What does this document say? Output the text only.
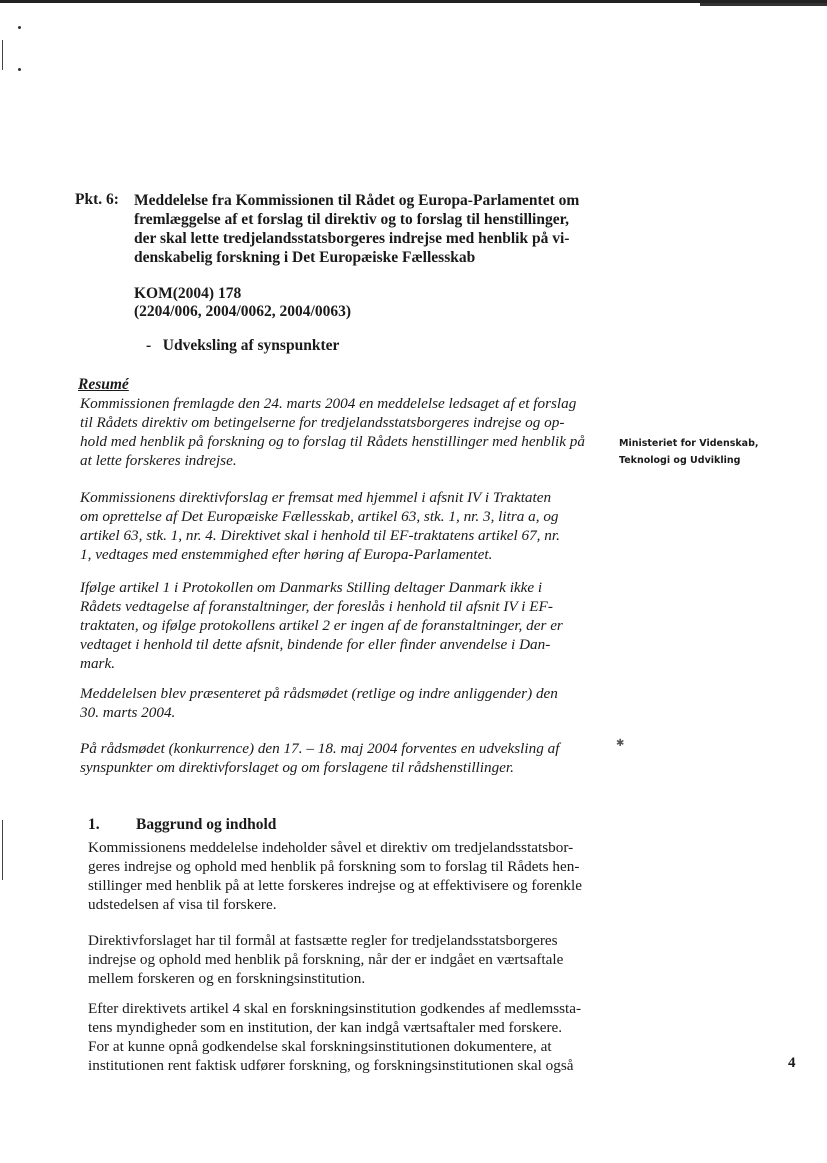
Pkt. 6: Meddelelse fra Kommissionen til Rådet og Europa-Parlamentet om
fremlæggelse af et forslag til direktiv og to forslag til henstillinger,
der skal lette tredjelandsstatsborgeres indrejse med henblik på vi-
denskabelig forskning i Det Europæiske Fællesskab
KOM(2004) 178
(2204/006, 2004/0062, 2004/0063)
-   Udveksling af synspunkter
Resumé
Kommissionen fremlagde den 24. marts 2004 en meddelelse ledsaget af et forslag
til Rådets direktiv om betingelserne for tredjelandsstatsborgeres indrejse og op-
hold med henblik på forskning og to forslag til Rådets henstillinger med henblik på
at lette forskeres indrejse.
Kommissionens direktivforslag er fremsat med hjemmel i afsnit IV i Traktaten
om oprettelse af Det Europæiske Fællesskab, artikel 63, stk. 1, nr. 3, litra a, og
artikel 63, stk. 1, nr. 4. Direktivet skal i henhold til EF-traktatens artikel 67, nr.
1, vedtages med enstemmighed efter høring af Europa-Parlamentet.
Ifølge artikel 1 i Protokollen om Danmarks Stilling deltager Danmark ikke i
Rådets vedtagelse af foranstaltninger, der foreslås i henhold til afsnit IV i EF-
traktaten, og ifølge protokollens artikel 2 er ingen af de foranstaltninger, der er
vedtaget i henhold til dette afsnit, bindende for eller finder anvendelse i Dan-
mark.
Meddelelsen blev præsenteret på rådsmødet (retlige og indre anliggender) den
30. marts 2004.
På rådsmødet (konkurrence) den 17. – 18. maj 2004 forventes en udveksling af
synspunkter om direktivforslaget og om forslagene til rådshenstillinger.
Ministeriet for Videnskab,
Teknologi og Udvikling
✱
1. Baggrund og indhold
Kommissionens meddelelse indeholder såvel et direktiv om tredjelandsstatsbor-
geres indrejse og ophold med henblik på forskning som to forslag til Rådets hen-
stillinger med henblik på at lette forskeres indrejse og at effektivisere og forenkle
udstedelsen af visa til forskere.
Direktivforslaget har til formål at fastsætte regler for tredjelandsstatsborgeres
indrejse og ophold med henblik på forskning, når der er indgået en værtsaftale
mellem forskeren og en forskningsinstitution.
Efter direktivets artikel 4 skal en forskningsinstitution godkendes af medlemssta-
tens myndigheder som en institution, der kan indgå værtsaftaler med forskere.
For at kunne opnå godkendelse skal forskningsinstitutionen dokumentere, at
institutionen rent faktisk udfører forskning, og forskningsinstitutionen skal også	4
